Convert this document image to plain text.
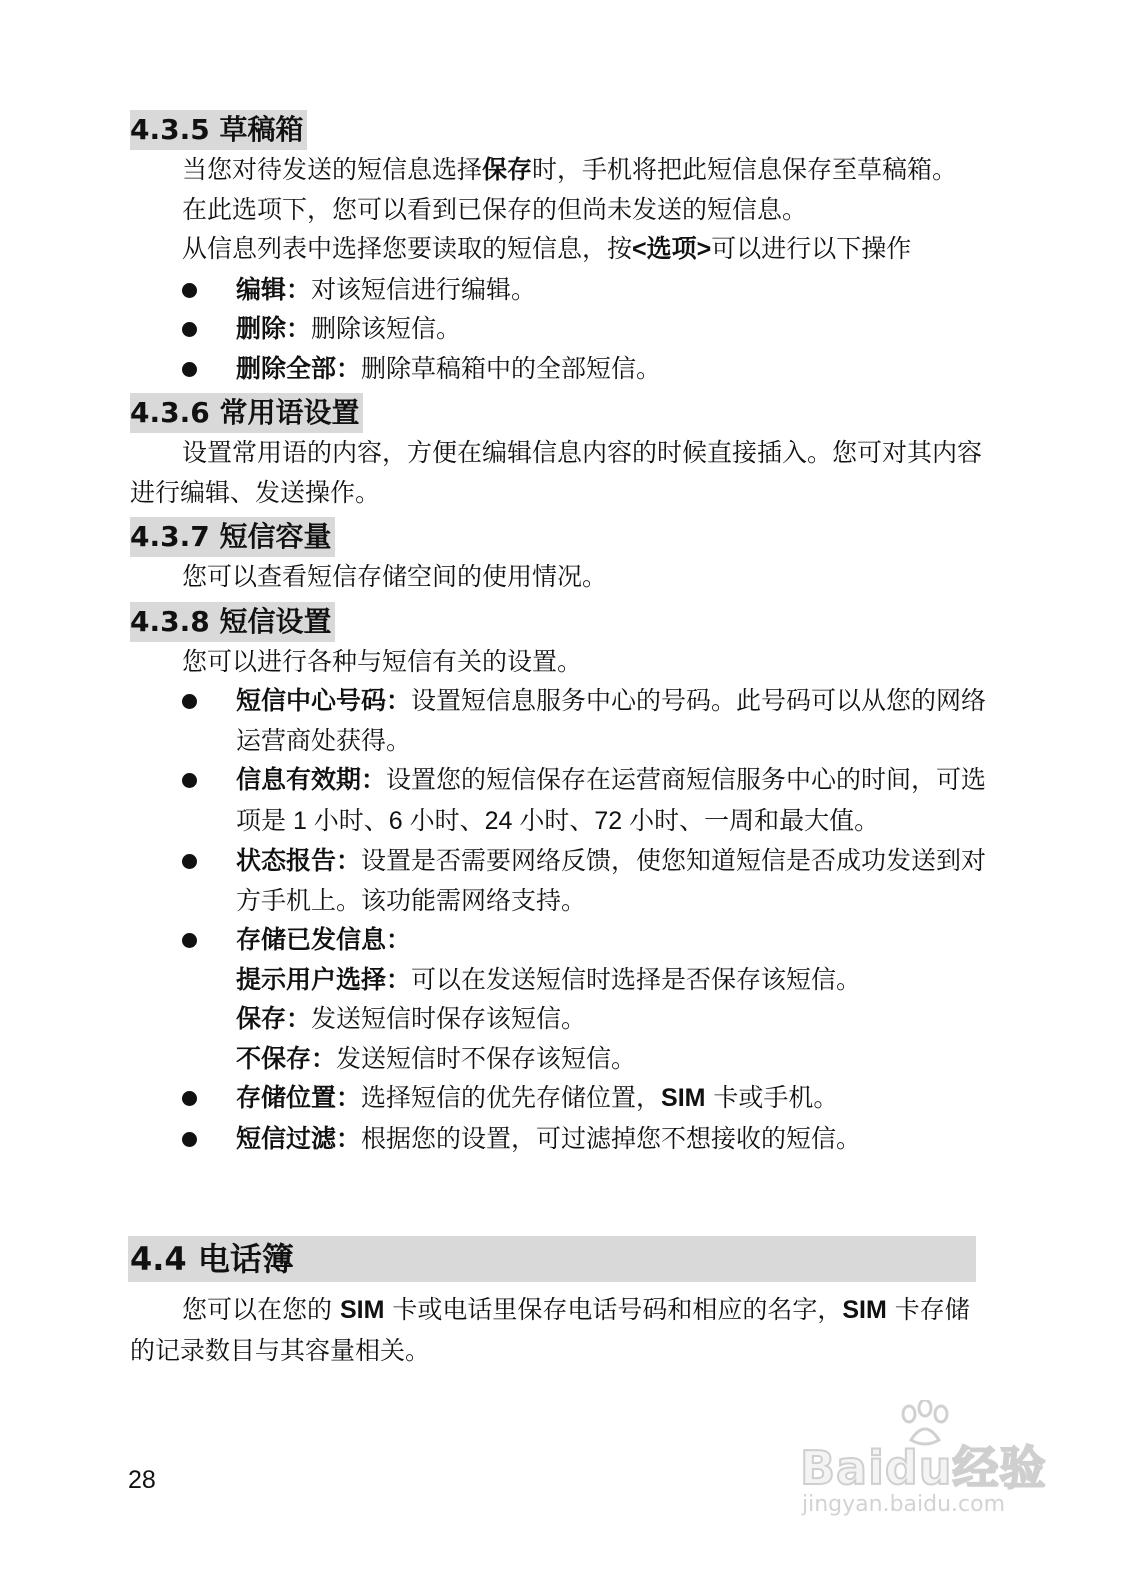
4.3.5 草稿箱

当您对待发送的短信息选择保存时，手机将把此短信息保存至草稿箱。

在此选项下，您可以看到已保存的但尚未发送的短信息。

从信息列表中选择您要读取的短信息，按<选项>可以进行以下操作

编辑：对该短信进行编辑。
删除：删除该短信。
删除全部：删除草稿箱中的全部短信。
4.3.6 常用语设置

设置常用语的内容，方便在编辑信息内容的时候直接插入。您可对其内容进行编辑、发送操作。

4.3.7 短信容量

您可以查看短信存储空间的使用情况。

4.3.8 短信设置

您可以进行各种与短信有关的设置。

短信中心号码：设置短信息服务中心的号码。此号码可以从您的网络运营商处获得。
信息有效期：设置您的短信保存在运营商短信服务中心的时间，可选项是 1 小时、6 小时、24 小时、72 小时、一周和最大值。
状态报告：设置是否需要网络反馈，使您知道短信是否成功发送到对方手机上。该功能需网络支持。
存储已发信息：
提示用户选择：可以在发送短信时选择是否保存该短信。
保存：发送短信时保存该短信。
不保存：发送短信时不保存该短信。
存储位置：选择短信的优先存储位置，SIM 卡或手机。
短信过滤：根据您的设置，可过滤掉您不想接收的短信。
4.4 电话簿

您可以在您的 SIM 卡或电话里保存电话号码和相应的名字，SIM 卡存储的记录数目与其容量相关。

28	Baidu经验
jingyan.baidu.com
